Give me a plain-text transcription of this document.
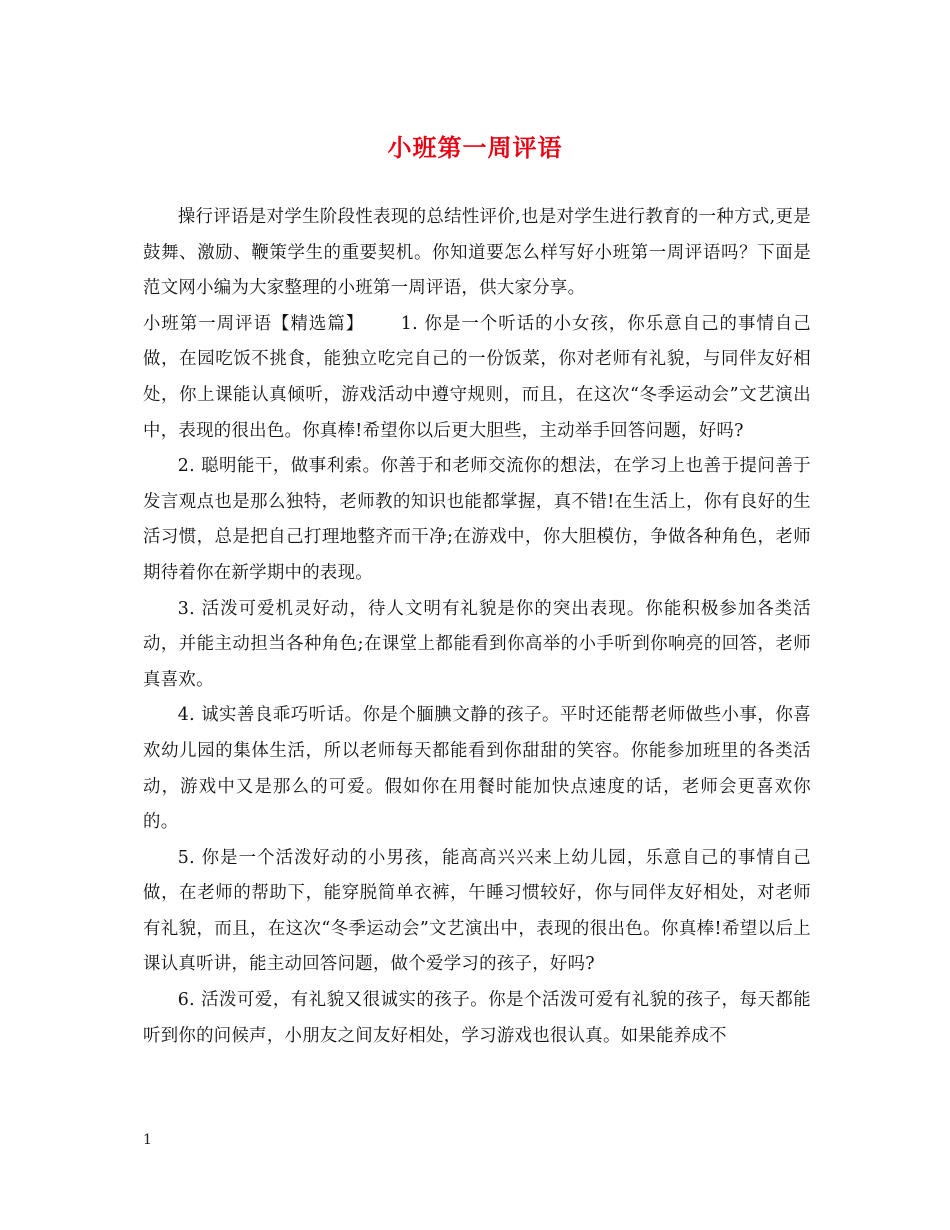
小班第一周评语

操行评语是对学生阶段性表现的总结性评价,也是对学生进行教育的一种方式,更是鼓舞、激励、鞭策学生的重要契机。你知道要怎么样写好小班第一周评语吗？下面是范文网小编为大家整理的小班第一周评语，供大家分享。

小班第一周评语【精选篇】 1. 你是一个听话的小女孩，你乐意自己的事情自己做，在园吃饭不挑食，能独立吃完自己的一份饭菜，你对老师有礼貌，与同伴友好相处，你上课能认真倾听，游戏活动中遵守规则，而且，在这次“冬季运动会”文艺演出中，表现的很出色。你真棒!希望你以后更大胆些，主动举手回答问题，好吗?

2. 聪明能干，做事利索。你善于和老师交流你的想法，在学习上也善于提问善于发言观点也是那么独特，老师教的知识也能都掌握，真不错!在生活上，你有良好的生活习惯，总是把自己打理地整齐而干净;在游戏中，你大胆模仿，争做各种角色，老师期待着你在新学期中的表现。

3. 活泼可爱机灵好动，待人文明有礼貌是你的突出表现。你能积极参加各类活动，并能主动担当各种角色;在课堂上都能看到你高举的小手听到你响亮的回答，老师真喜欢。

4. 诚实善良乖巧听话。你是个腼腆文静的孩子。平时还能帮老师做些小事，你喜欢幼儿园的集体生活，所以老师每天都能看到你甜甜的笑容。你能参加班里的各类活动，游戏中又是那么的可爱。假如你在用餐时能加快点速度的话，老师会更喜欢你的。

5. 你是一个活泼好动的小男孩，能高高兴兴来上幼儿园，乐意自己的事情自己做，在老师的帮助下，能穿脱简单衣裤，午睡习惯较好，你与同伴友好相处，对老师有礼貌，而且，在这次“冬季运动会”文艺演出中，表现的很出色。你真棒!希望以后上课认真听讲，能主动回答问题，做个爱学习的孩子，好吗?

6. 活泼可爱，有礼貌又很诚实的孩子。你是个活泼可爱有礼貌的孩子，每天都能听到你的问候声，小朋友之间友好相处，学习游戏也很认真。如果能养成不

1
